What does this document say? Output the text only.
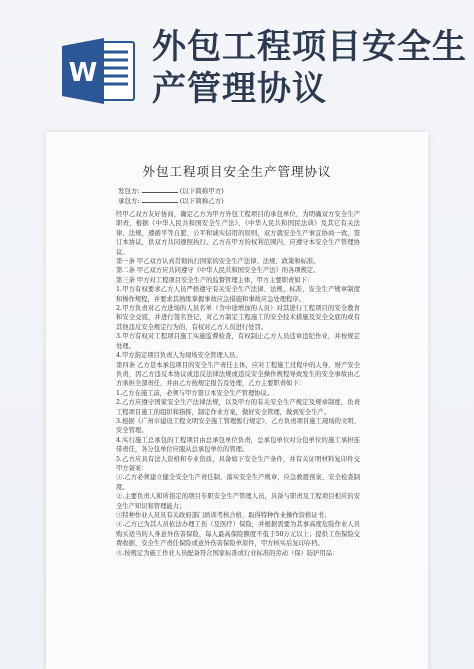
W
外包工程项目安全生产管理协议
外包工程项目安全生产管理协议
发包方:	(以下简称甲方)
承包方:	(以下简称乙方)

经甲乙双方友好协商，确定乙方为甲方外包工程项目的承包单位，为明确双方安全生产职责，根据《中华人民共和国安全生产法》、《中华人民共和国民法典》及其它有关法律、法规，遵循平等自愿、公平和诚实信用的原则，双方就安全生产事宜协商一致，签订本协议，供双方共同遵照执行。乙方在甲方的权利范围内，应遵守本安全生产管理协议。

第一条 甲乙双方认真贯彻执行国家的安全生产法律、法规、政策和标准。

第二条 甲乙双方应共同遵守《中华人民共和国安全生产法》的各项规定。

第三条 甲方对工程项目安全生产的监督管理主体，甲方主要职责如下：

1.甲方有权要求乙方人员严格遵守有关安全生产法律、法规、标准，安全生产规章制度和操作规程，并要求其熟练掌握事故应急措施和事故应急处理程序。

2.甲方负责对乙方进场的人员名单（含中途增加的人员）对其进行工程项目的安全教育和安全交底，并进行签名登记，对乙方制定工程施工的安全技术措施及安全交底的或有其他违反安全规定行为的，有权对乙方人员进行处罚。

3.甲方有权对工程项目施工实施监督检查，有权制止乙方人员违章违纪作业，并按规定处理。

4.甲方指定项目负责人为现场安全管理人员。

第四条 乙方是本承包项目的安全生产责任主体，应对工程施工过程中的人身、财产安全负责，因乙方违反本协议或违反法律法规或违反安全操作规程导致发生的安全事故由乙方承担全部责任，并由乙方按规定报告及处理，乙方主要职责如下：

1.乙方在施工前，必须与甲方签订本安全生产管理协议。

2.乙方应遵守国家安全生产法律法规，以及甲方的有关安全生产规定及规章制度，负责工程项目施工的组织和指挥，制定作业方案，做好安全管理，做到安全生产。

3.根据《广州市建设工程文明安全施工管理暂行规定》，乙方负责项目施工现场的文明、安全管理。

4.实行施工总承包的工程项目由总承包单位负责，总承包单位对分包单位的施工承担连带责任，各分包单位应服从总承包单位的管理。

5.乙方应具有法人资格和专业资质，具备如下安全生产条件，并有关证明材料复印件交甲方备案：

①.乙方必须建立健全安全生产责任制，落实安全生产规章，应急救援预案、安全检查制度。

②.主要负责人和所指定的项目专职安全生产管理人员，具备与职责及工程项目相应的安全生产知识和管理能力；

③特种作业人员具有关政府部门培训考核合格，取得特种作业操作资格证书；

④.乙方已为其人员依法办理工伤（及医疗）保险，并根据需要为其事高度危险作业人员购买适当的人身意外伤害保险，每人最高保险额度不低于50万元以上；提供工伤保险交费收据、安全生产责任保险或意外伤害保险单原件，甲方核实后复印存档。

⑤.按规定为施工作业人员配备符合国家标准或行业标准的劳动（保）防护用品：
